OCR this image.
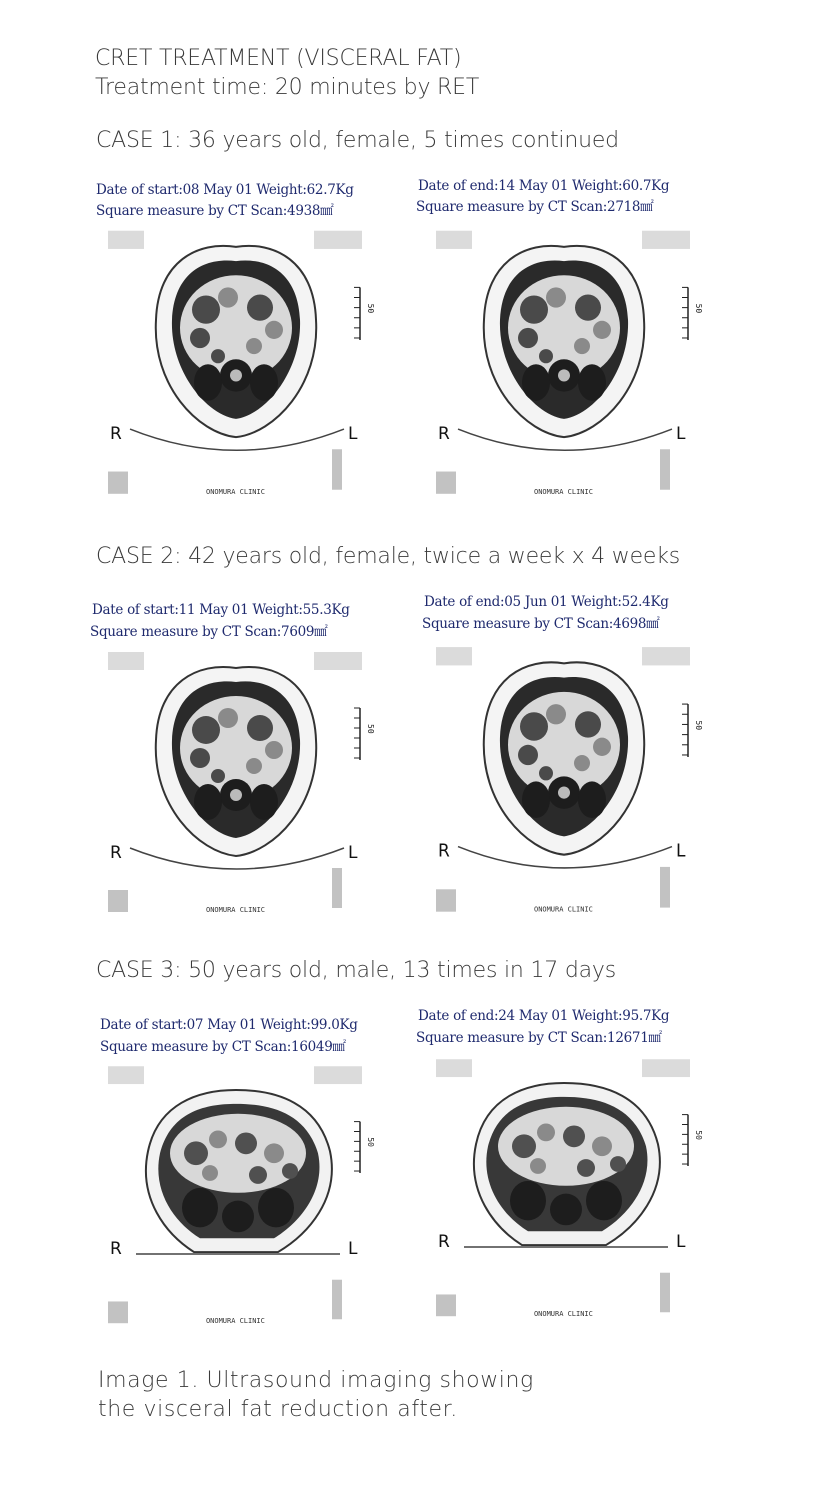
CRET TREATMENT (VISCERAL FAT)
Treatment time: 20 minutes by RET
CASE 1: 36 years old, female, 5 times continued
50
R	L
ONOMURA CLINIC
Date of start:08 May 01 Weight:62.7Kg
Square measure by CT Scan:4938㎟
50
R	L
ONOMURA CLINIC
Date of end:14 May 01 Weight:60.7Kg
Square measure by CT Scan:2718㎟
CASE 2: 42 years old, female, twice a week x 4 weeks
50
R	L
ONOMURA CLINIC
Date of start:11 May 01 Weight:55.3Kg
Square measure by CT Scan:7609㎟
50
R	L
ONOMURA CLINIC
Date of end:05 Jun 01 Weight:52.4Kg
Square measure by CT Scan:4698㎟
CASE 3: 50 years old, male, 13 times in 17 days
50
R	L
ONOMURA CLINIC
Date of start:07 May 01 Weight:99.0Kg
Square measure by CT Scan:16049㎟
50
R	L
ONOMURA CLINIC
Date of end:24 May 01 Weight:95.7Kg
Square measure by CT Scan:12671㎟
Image 1. Ultrasound imaging showing
the visceral fat reduction after.
